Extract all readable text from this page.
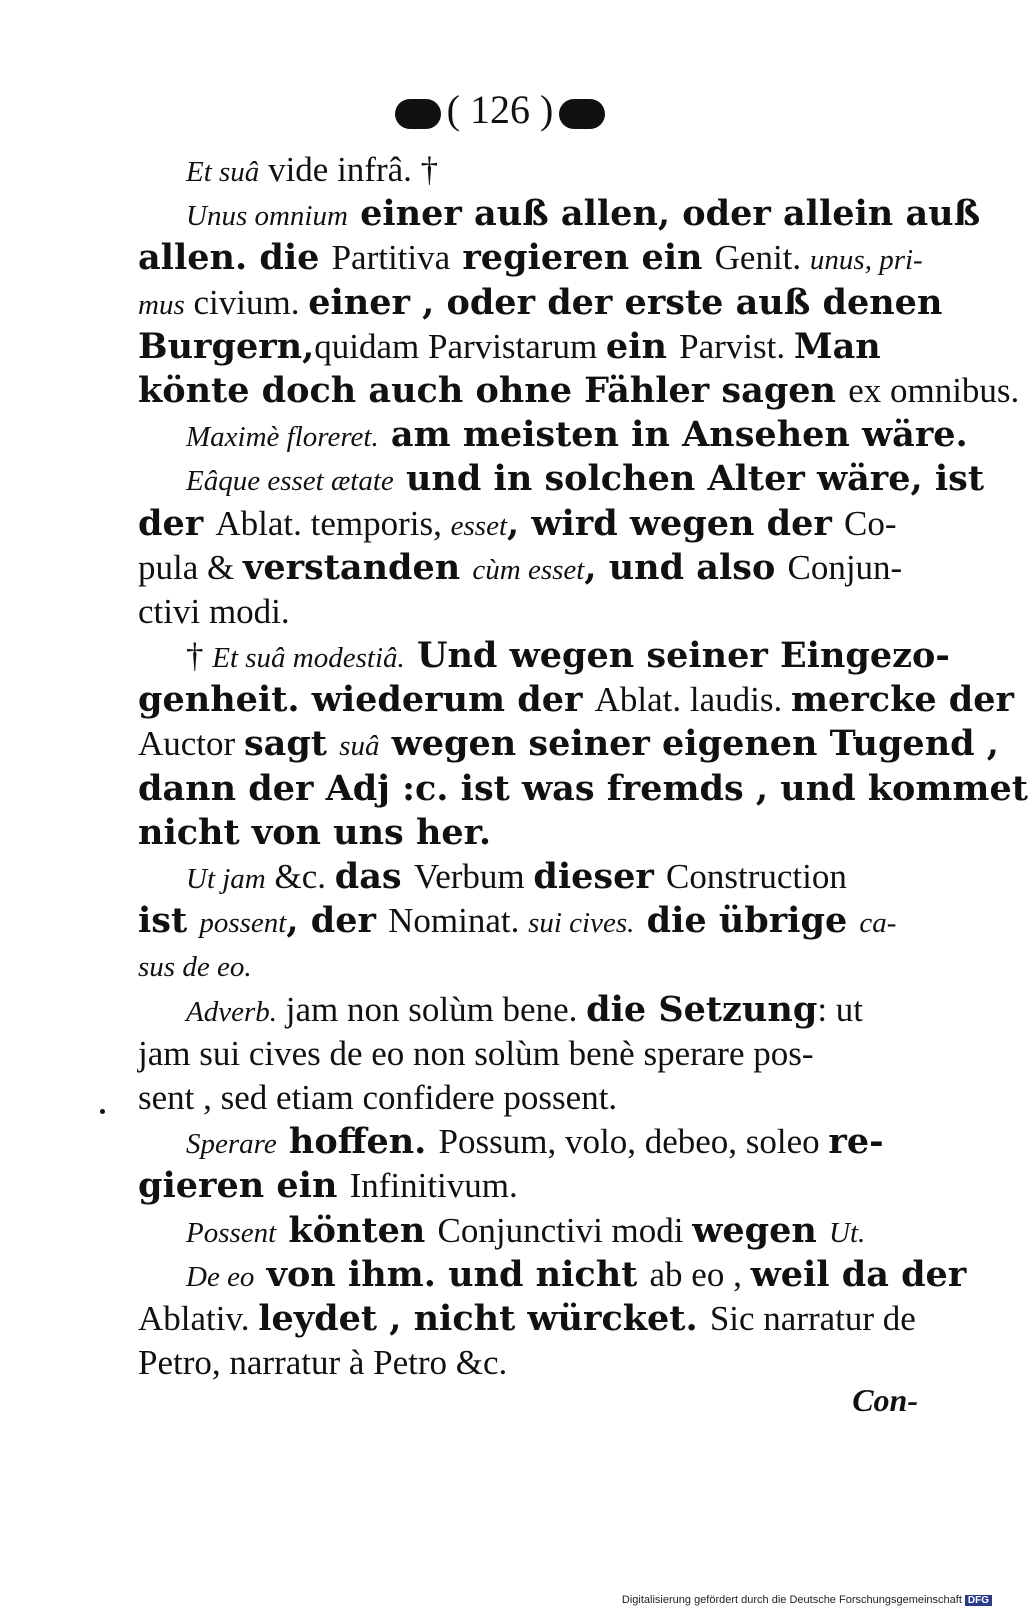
( 126 )
Et suâ vide infrâ. †
Unus omnium einer auß allen, oder allein auß
allen. die Partitiva regieren ein Genit. unus, pri-
mus civium. einer , oder der erste auß denen
Burgern,quidam Parvistarum ein Parvist. Man
könte doch auch ohne Fähler sagen ex omnibus.
Maximè floreret. am meisten in Ansehen wäre.
Eâque esset ætate und in solchen Alter wäre, ist
der Ablat. temporis, esset, wird wegen der Co-
pula & verstanden cùm esset, und also Conjun-
ctivi modi.
† Et suâ modestiâ. Und wegen seiner Eingezo-
genheit. wiederum der Ablat. laudis. mercke der
Auctor sagt suâ wegen seiner eigenen Tugend ,
dann der Adj :c. ist was fremds , und kommet
nicht von uns her.
Ut jam &c. das Verbum dieser Construction
ist possent, der Nominat. sui cives. die übrige ca-
sus de eo.
Adverb. jam non solùm bene. die Setzung: ut
jam sui cives de eo non solùm benè sperare pos-
sent , sed etiam confidere possent.
Sperare hoffen. Possum, volo, debeo, soleo re-
gieren ein Infinitivum.
Possent könten Conjunctivi modi wegen Ut.
De eo von ihm. und nicht ab eo , weil da der
Ablativ. leydet , nicht würcket. Sic narratur de
Petro, narratur à Petro &c.
Con-
Digitalisierung gefördert durch die Deutsche Forschungsgemeinschaft DFG
